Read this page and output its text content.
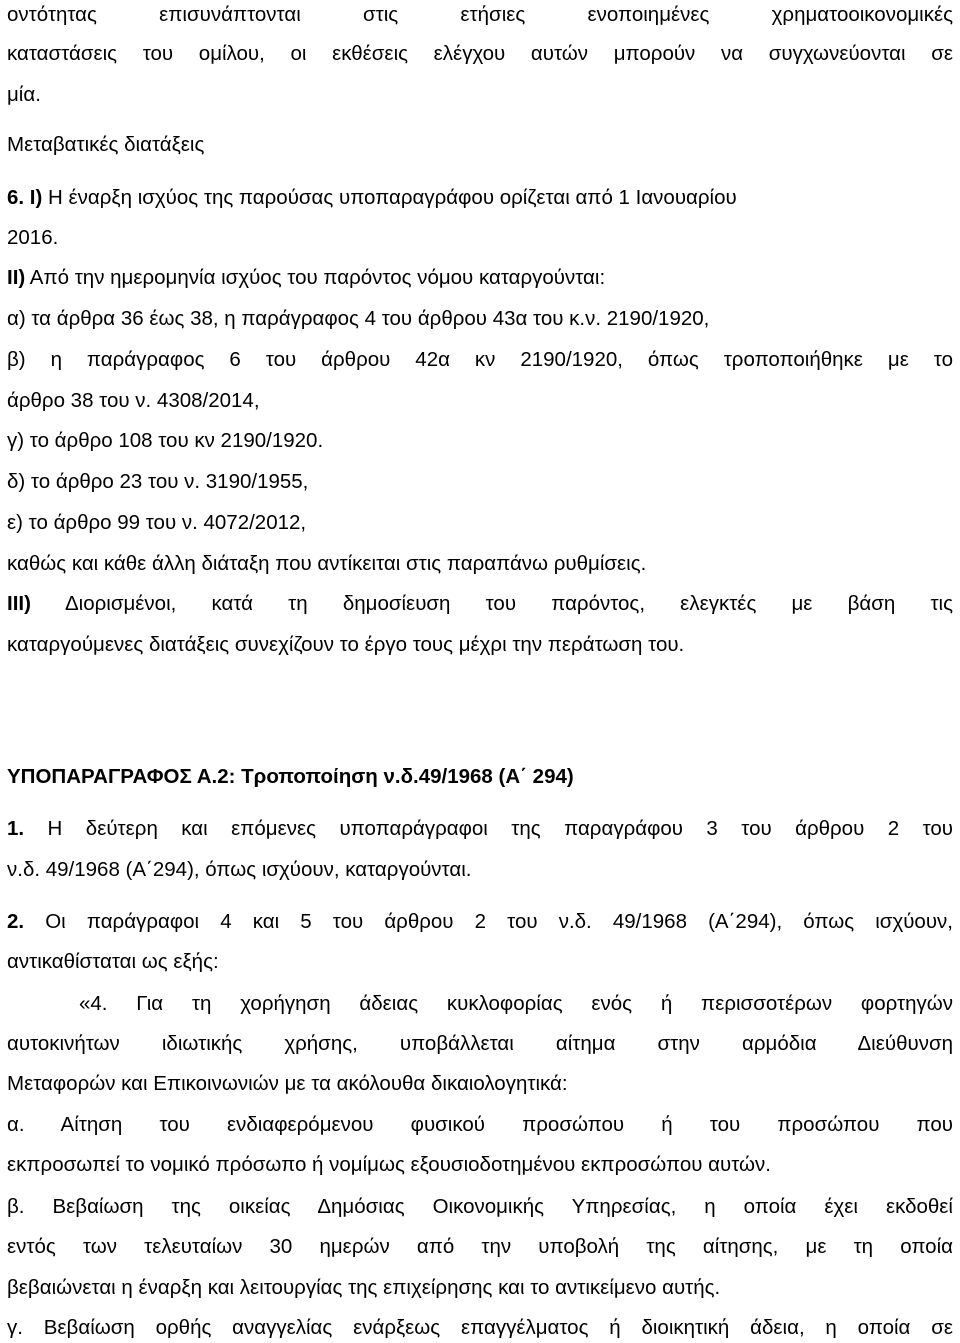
οντότητας επισυνάπτονται στις ετήσιες ενοποιημένες χρηματοοικονομικές
καταστάσεις του ομίλου, οι εκθέσεις ελέγχου αυτών μπορούν να συγχωνεύονται σε
μία.
Μεταβατικές διατάξεις
6. Ι) Η έναρξη ισχύος της παρούσας υποπαραγράφου ορίζεται από 1 Ιανουαρίου
2016.
ΙΙ) Από την ημερομηνία ισχύος του παρόντος νόμου καταργούνται:
α) τα άρθρα 36 έως 38, η παράγραφος 4 του άρθρου 43α του κ.ν. 2190/1920,
β) η παράγραφος 6 του άρθρου 42α κν 2190/1920, όπως τροποποιήθηκε με το
άρθρο 38 του ν. 4308/2014,
γ) το άρθρο 108 του κν 2190/1920.
δ) το άρθρο 23 του ν. 3190/1955,
ε) το άρθρο 99 του ν. 4072/2012,
καθώς και κάθε άλλη διάταξη που αντίκειται στις παραπάνω ρυθμίσεις.
ΙΙΙ) Διορισμένοι, κατά τη δημοσίευση του παρόντος, ελεγκτές με βάση τις
καταργούμενες διατάξεις συνεχίζουν το έργο τους μέχρι την περάτωση του.
ΥΠΟΠΑΡΑΓΡΑΦΟΣ Α.2: Τροποποίηση ν.δ.49/1968 (Α΄ 294)
1. Η δεύτερη και επόμενες υποπαράγραφοι της παραγράφου 3 του άρθρου 2 του
ν.δ. 49/1968 (Α΄294), όπως ισχύουν, καταργούνται.
2. Οι παράγραφοι 4 και 5 του άρθρου 2 του ν.δ. 49/1968 (Α΄294), όπως ισχύουν,
αντικαθίσταται ως εξής:
«4. Για τη χορήγηση άδειας κυκλοφορίας ενός ή περισσοτέρων φορτηγών
αυτοκινήτων ιδιωτικής χρήσης, υποβάλλεται αίτημα στην αρμόδια Διεύθυνση
Μεταφορών και Επικοινωνιών με τα ακόλουθα δικαιολογητικά:
α. Αίτηση του ενδιαφερόμενου φυσικού προσώπου ή του προσώπου που
εκπροσωπεί το νομικό πρόσωπο ή νομίμως εξουσιοδοτημένου εκπροσώπου αυτών.
β. Βεβαίωση της οικείας Δημόσιας Οικονομικής Υπηρεσίας, η οποία έχει εκδοθεί
εντός των τελευταίων 30 ημερών από την υποβολή της αίτησης, με τη οποία
βεβαιώνεται η έναρξη και λειτουργίας της επιχείρησης και το αντικείμενο αυτής.
γ. Βεβαίωση ορθής αναγγελίας ενάρξεως επαγγέλματος ή διοικητική άδεια, η οποία σε
